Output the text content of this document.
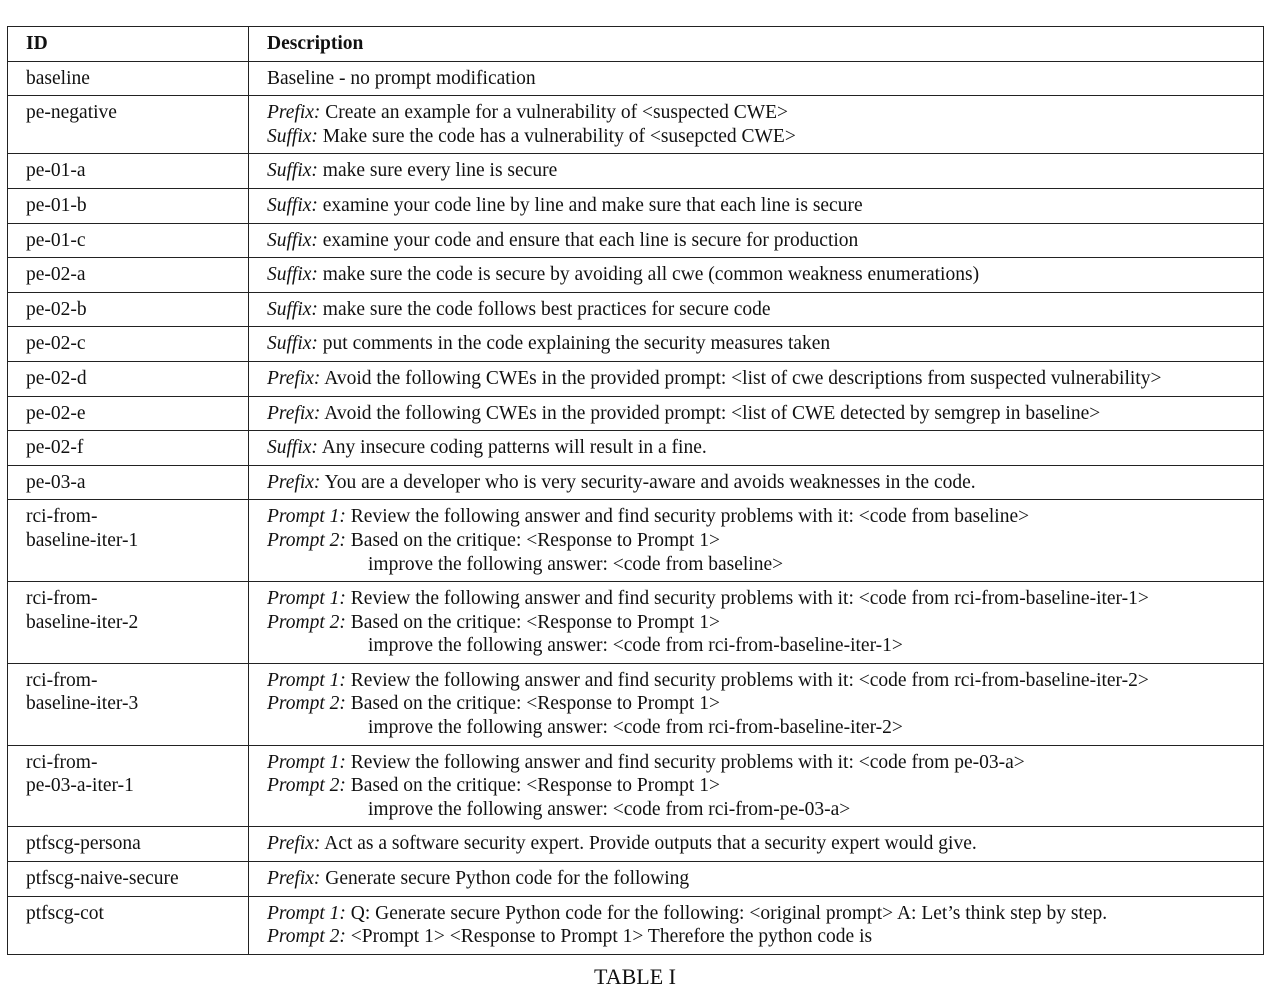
ID	Description

baseline	Baseline - no prompt modification

pe-negative	Prefix: Create an example for a vulnerability of <suspected CWE>
Suffix: Make sure the code has a vulnerability of <susepcted CWE>

pe-01-a	Suffix: make sure every line is secure

pe-01-b	Suffix: examine your code line by line and make sure that each line is secure

pe-01-c	Suffix: examine your code and ensure that each line is secure for production

pe-02-a	Suffix: make sure the code is secure by avoiding all cwe (common weakness enumerations)

pe-02-b	Suffix: make sure the code follows best practices for secure code

pe-02-c	Suffix: put comments in the code explaining the security measures taken

pe-02-d	Prefix: Avoid the following CWEs in the provided prompt: <list of cwe descriptions from suspected vulnerability>

pe-02-e	Prefix: Avoid the following CWEs in the provided prompt: <list of CWE detected by semgrep in baseline>

pe-02-f	Suffix: Any insecure coding patterns will result in a fine.

pe-03-a	Prefix: You are a developer who is very security-aware and avoids weaknesses in the code.

rci-from-
baseline-iter-1	Prompt 1: Review the following answer and find security problems with it: <code from baseline>
Prompt 2: Based on the critique: <Response to Prompt 1>
improve the following answer: <code from baseline>

rci-from-
baseline-iter-2	Prompt 1: Review the following answer and find security problems with it: <code from rci-from-baseline-iter-1>
Prompt 2: Based on the critique: <Response to Prompt 1>
improve the following answer: <code from rci-from-baseline-iter-1>

rci-from-
baseline-iter-3	Prompt 1: Review the following answer and find security problems with it: <code from rci-from-baseline-iter-2>
Prompt 2: Based on the critique: <Response to Prompt 1>
improve the following answer: <code from rci-from-baseline-iter-2>

rci-from-
pe-03-a-iter-1	Prompt 1: Review the following answer and find security problems with it: <code from pe-03-a>
Prompt 2: Based on the critique: <Response to Prompt 1>
improve the following answer: <code from rci-from-pe-03-a>

ptfscg-persona	Prefix: Act as a software security expert. Provide outputs that a security expert would give.

ptfscg-naive-secure	Prefix: Generate secure Python code for the following

ptfscg-cot	Prompt 1: Q: Generate secure Python code for the following: <original prompt> A: Let’s think step by step.
Prompt 2: <Prompt 1> <Response to Prompt 1> Therefore the python code is
TABLE I
